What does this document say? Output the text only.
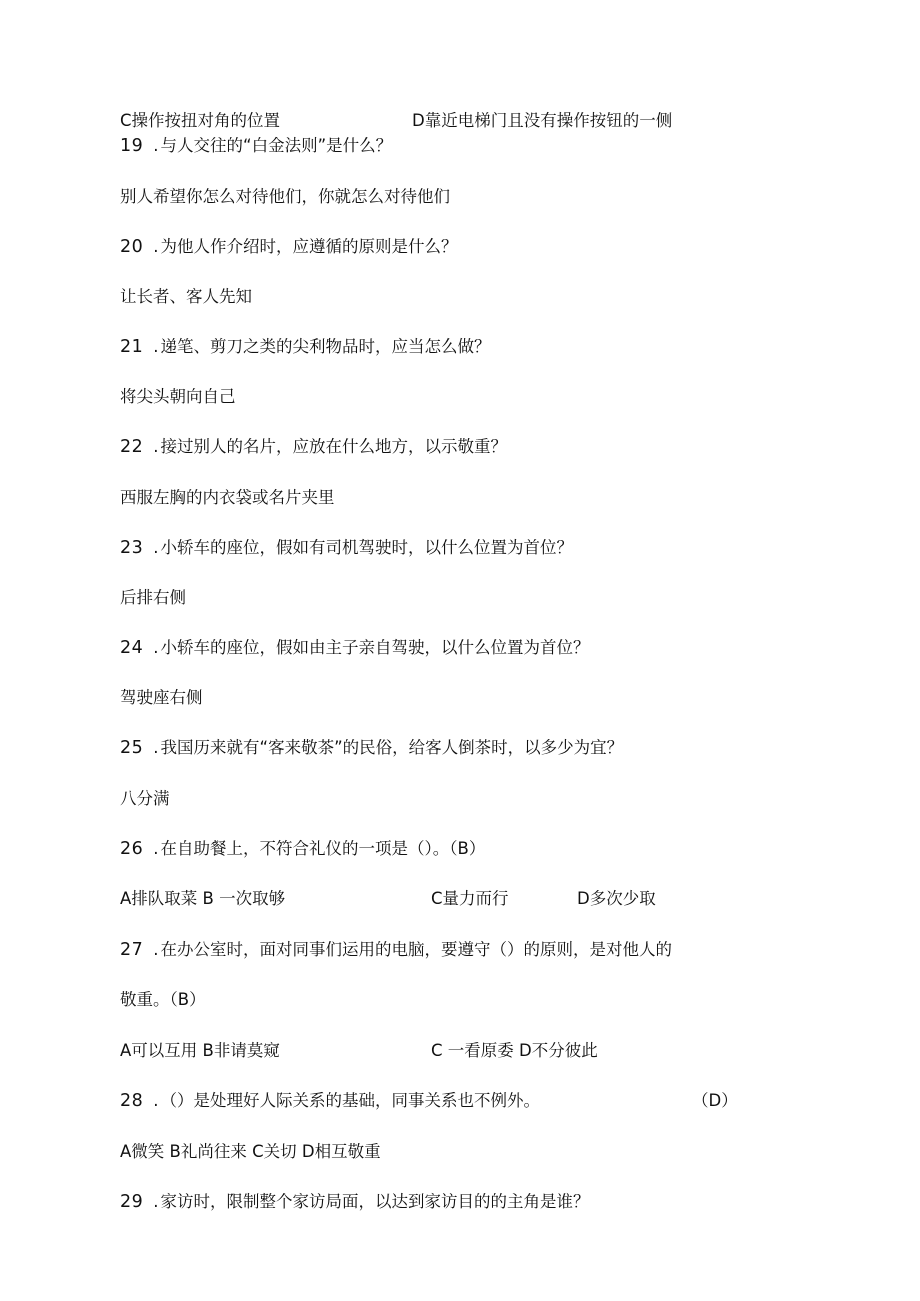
C操作按扭对角的位置	D靠近电梯门且没有操作按钮的一侧
19 . 与人交往的“白金法则”是什么？
别人希望你怎么对待他们，你就怎么对待他们
20 . 为他人作介绍时，应遵循的原则是什么？
让长者、客人先知
21 . 递笔、剪刀之类的尖利物品时，应当怎么做？
将尖头朝向自己
22 . 接过别人的名片，应放在什么地方，以示敬重？
西服左胸的内衣袋或名片夹里
23 . 小轿车的座位，假如有司机驾驶时，以什么位置为首位？
后排右侧
24 . 小轿车的座位，假如由主子亲自驾驶，以什么位置为首位？
驾驶座右侧
25 . 我国历来就有“客来敬茶”的民俗，给客人倒茶时，以多少为宜？
八分满
26 . 在自助餐上，不符合礼仪的一项是（）。（B）
A排队取菜 B 一次取够	C量力而行	D多次少取
27 . 在办公室时，面对同事们运用的电脑，要遵守（）的原则，是对他人的
敬重。（B）
A可以互用 B非请莫窥	C 一看原委 D不分彼此
28 . （）是处理好人际关系的基础，同事关系也不例外。	（D）
A微笑 B礼尚往来 C关切 D相互敬重
29 . 家访时，限制整个家访局面，以达到家访目的的主角是谁？
